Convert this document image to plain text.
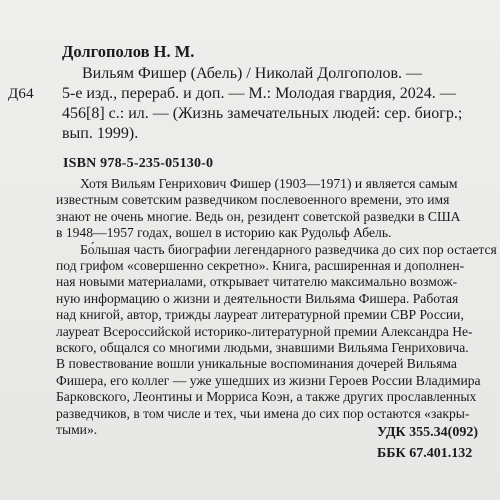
Д64
Долгополов Н. М.
Вильям Фишер (Абель) / Николай Долгополов. —
5-е изд., перераб. и доп. — М.: Молодая гвардия, 2024. —
456[8] с.: ил. — (Жизнь замечательных людей: сер. биогр.;
вып. 1999).
ISBN 978-5-235-05130-0
Хотя Вильям Генрихович Фишер (1903—1971) и является самым
известным советским разведчиком послевоенного времени, это имя
знают не очень многие. Ведь он, резидент советской разведки в США
в 1948—1957 годах, вошел в историю как Рудольф Абель.
Бо́льшая часть биографии легендарного разведчика до сих пор остается
под грифом «совершенно секретно». Книга, расширенная и дополнен-
ная новыми материалами, открывает читателю максимально возмож-
ную информацию о жизни и деятельности Вильяма Фишера. Работая
над книгой, автор, трижды лауреат литературной премии СВР России,
лауреат Всероссийской историко-литературной премии Александра Не-
вского, общался со многими людьми, знавшими Вильяма Генриховича.
В повествование вошли уникальные воспоминания дочерей Вильяма
Фишера, его коллег — уже ушедших из жизни Героев России Владимира
Барковского, Леонтины и Морриса Коэн, а также других прославленных
разведчиков, в том числе и тех, чьи имена до сих пор остаются «закры-
тыми».	УДК 355.34(092)
ББК 67.401.132
